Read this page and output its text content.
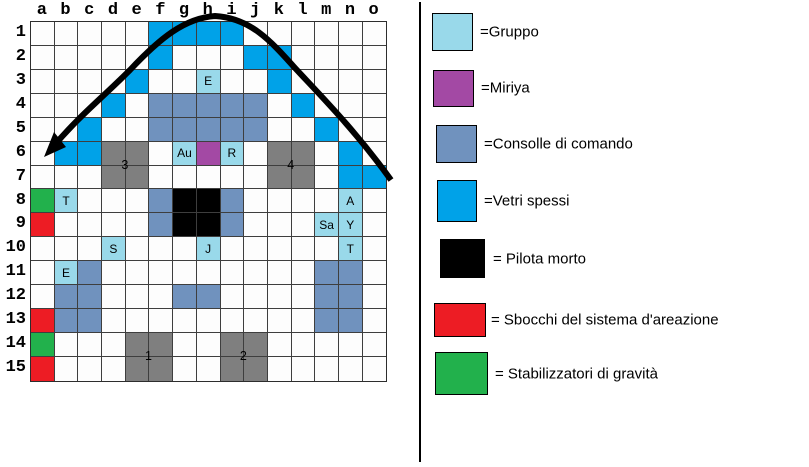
a b c d e f g h i j k l m n o
1
2
3
4
5
6
7
8
9
10
11
12
13
14
15
E
Au	R
T	A
Sa	Y
S	J	T
E
=Gruppo
=Miriya
=Consolle di comando
=Vetri spessi
= Pilota morto
= Sbocchi del sistema d'areazione
= Stabilizzatori di gravità
3	4
1	2
